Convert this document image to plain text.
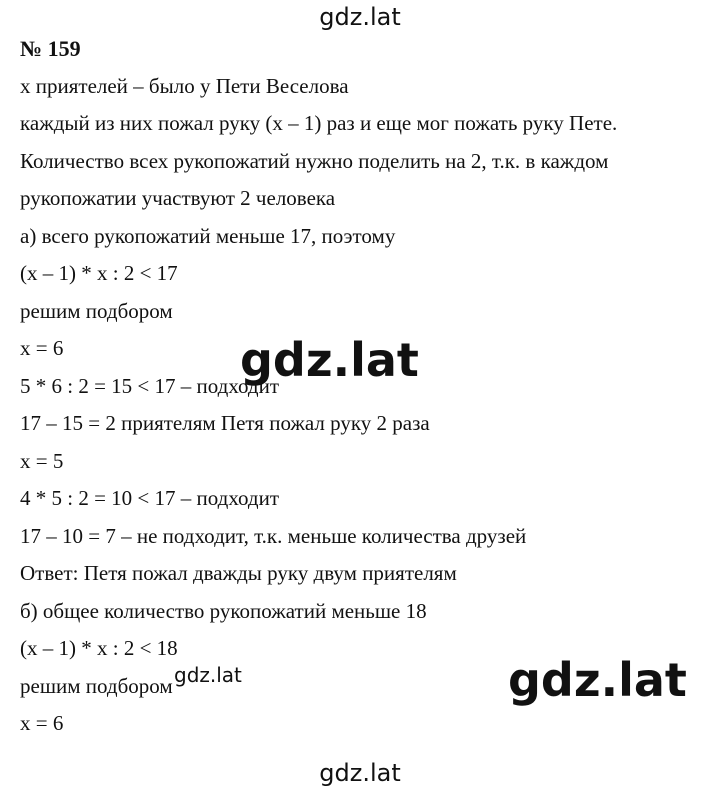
№ 159
х приятелей – было у Пети Веселова
каждый из них пожал руку (х – 1) раз и еще мог пожать руку Пете.
Количество всех рукопожатий нужно поделить на 2, т.к. в каждом
рукопожатии участвуют 2 человека
а) всего рукопожатий меньше 17, поэтому
(х – 1) * х : 2 < 17
решим подбором
х = 6
5 * 6 : 2 = 15 < 17 – подходит
17 – 15 = 2 приятелям Петя пожал руку 2 раза
х = 5
4 * 5 : 2 = 10 < 17 – подходит
17 – 10 = 7 – не подходит, т.к. меньше количества друзей
Ответ: Петя пожал дважды руку двум приятелям
б) общее количество рукопожатий меньше 18
(х – 1) * х : 2 < 18
решим подбором
х = 6
gdz.lat
gdz.lat
gdz.lat	gdz.lat
gdz.lat
